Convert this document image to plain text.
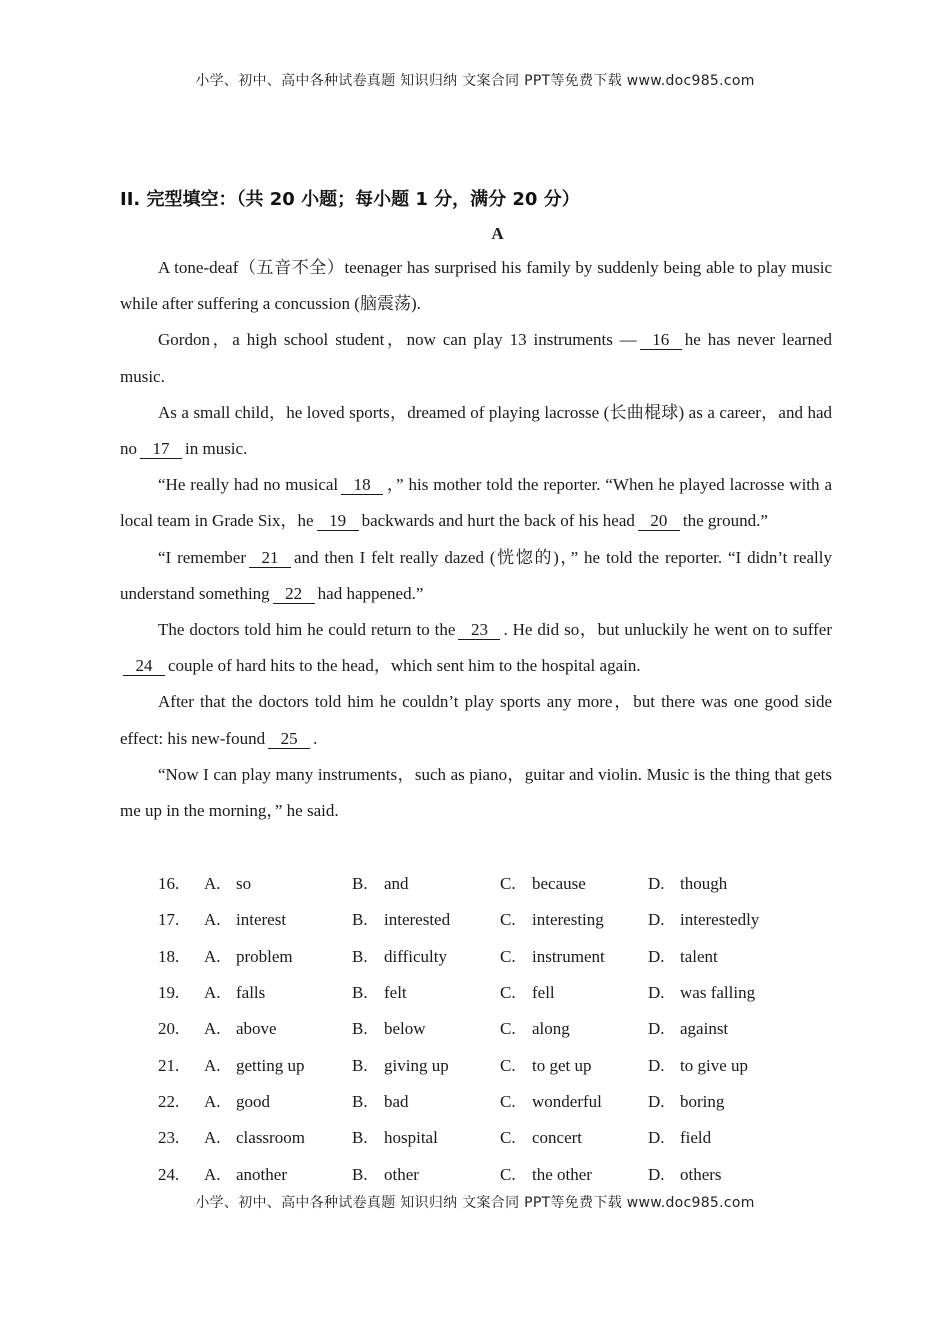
小学、初中、高中各种试卷真题 知识归纳 文案合同 PPT等免费下载 www.doc985.com
II. 完型填空：（共 20 小题；每小题 1 分，满分 20 分）
A

A tone-deaf（五音不全）teenager has surprised his family by suddenly being able to play music while after suffering a concussion (脑震荡).

Gordon，a high school student，now can play 13 instruments — 16 he has never learned music.

As a small child，he loved sports，dreamed of playing lacrosse (长曲棍球) as a career，and had no 17 in music.

“He really had no musical 18 ，” his mother told the reporter. “When he played lacrosse with a local team in Grade Six，he 19 backwards and hurt the back of his head 20 the ground.”

“I remember 21 and then I felt really dazed (恍惚的)，” he told the reporter. “I didn’t really understand something 22 had happened.”

The doctors told him he could return to the 23 . He did so，but unluckily he went on to suffer24 couple of hard hits to the head，which sent him to the hospital again.

After that the doctors told him he couldn’t play sports any more，but there was one good side effect: his new-found 25 .

“Now I can play many instruments，such as piano，guitar and violin. Music is the thing that gets me up in the morning，” he said.

16.	A. so	B. and	C. because	D. though
17.	A. interest	B. interested	C. interesting	D. interestedly
18.	A. problem	B. difficulty	C. instrument	D. talent
19.	A. falls	B. felt	C. fell	D. was falling
20.	A. above	B. below	C. along	D. against
21.	A. getting up	B. giving up	C. to get up	D. to give up
22.	A. good	B. bad	C. wonderful	D. boring
23.	A. classroom	B. hospital	C. concert	D. field
24.	A. another	B. other	C. the other	D. others
小学、初中、高中各种试卷真题 知识归纳 文案合同 PPT等免费下载 www.doc985.com
